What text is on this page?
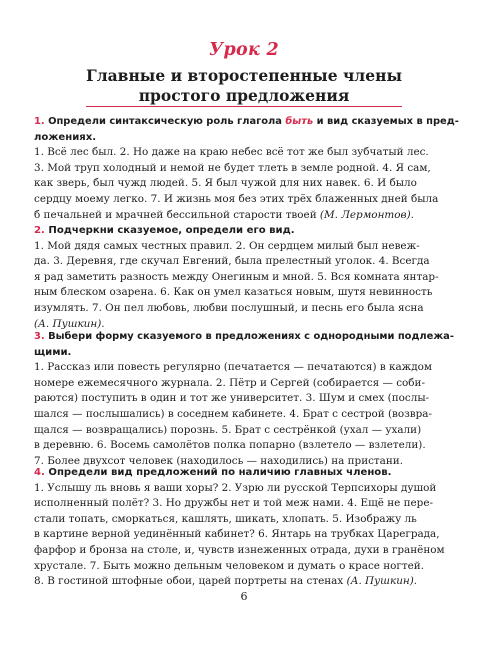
Урок 2
Главные и второстепенные члены
простого предложения
1. Определи синтаксическую роль глагола быть и вид сказуемых в пред-
ложениях.
1. Всё лес был. 2. Но даже на краю небес всё тот же был зубчатый лес.
3. Мой труп холодный и немой не будет тлеть в земле родной. 4. Я сам,
как зверь, был чужд людей. 5. Я был чужой для них навек. 6. И было
сердцу моему легко. 7. И жизнь моя без этих трёх блаженных дней была
б печальней и мрачней бессильной старости твоей (М. Лермонтов).
2. Подчеркни сказуемое, определи его вид.
1. Мой дядя самых честных правил. 2. Он сердцем милый был невеж-
да. 3. Деревня, где скучал Евгений, была прелестный уголок. 4. Всегда
я рад заметить разность между Онегиным и мной. 5. Вся комната янтар-
ным блеском озарена. 6. Как он умел казаться новым, шутя невинность
изумлять. 7. Он пел любовь, любви послушный, и песнь его была ясна
(А. Пушкин).
3. Выбери форму сказуемого в предложениях с однородными подлежа-
щими.
1. Рассказ или повесть регулярно (печатается — печатаются) в каждом
номере ежемесячного журнала. 2. Пётр и Сергей (собирается — соби-
раются) поступить в один и тот же университет. 3. Шум и смех (послы-
шался — послышались) в соседнем кабинете. 4. Брат с сестрой (возвра-
щался — возвращались) порознь. 5. Брат с сестрёнкой (ухал — ухали)
в деревню. 6. Восемь самолётов полка попарно (взлетело — взлетели).
7. Более двухсот человек (находилось — находились) на пристани.
4. Определи вид предложений по наличию главных членов.
1. Услышу ль вновь я ваши хоры? 2. Узрю ли русской Терпсихоры душой
исполненный полёт? 3. Но дружбы нет и той меж нами. 4. Ещё не пере-
стали топать, сморкаться, кашлять, шикать, хлопать. 5. Изображу ль
в картине верной уединённый кабинет? 6. Янтарь на трубках Цареграда,
фарфор и бронза на столе, и, чувств изнеженных отрада, духи в гранёном
хрустале. 7. Быть можно дельным человеком и думать о красе ногтей.
8. В гостиной штофные обои, царей портреты на стенах (А. Пушкин).
6
